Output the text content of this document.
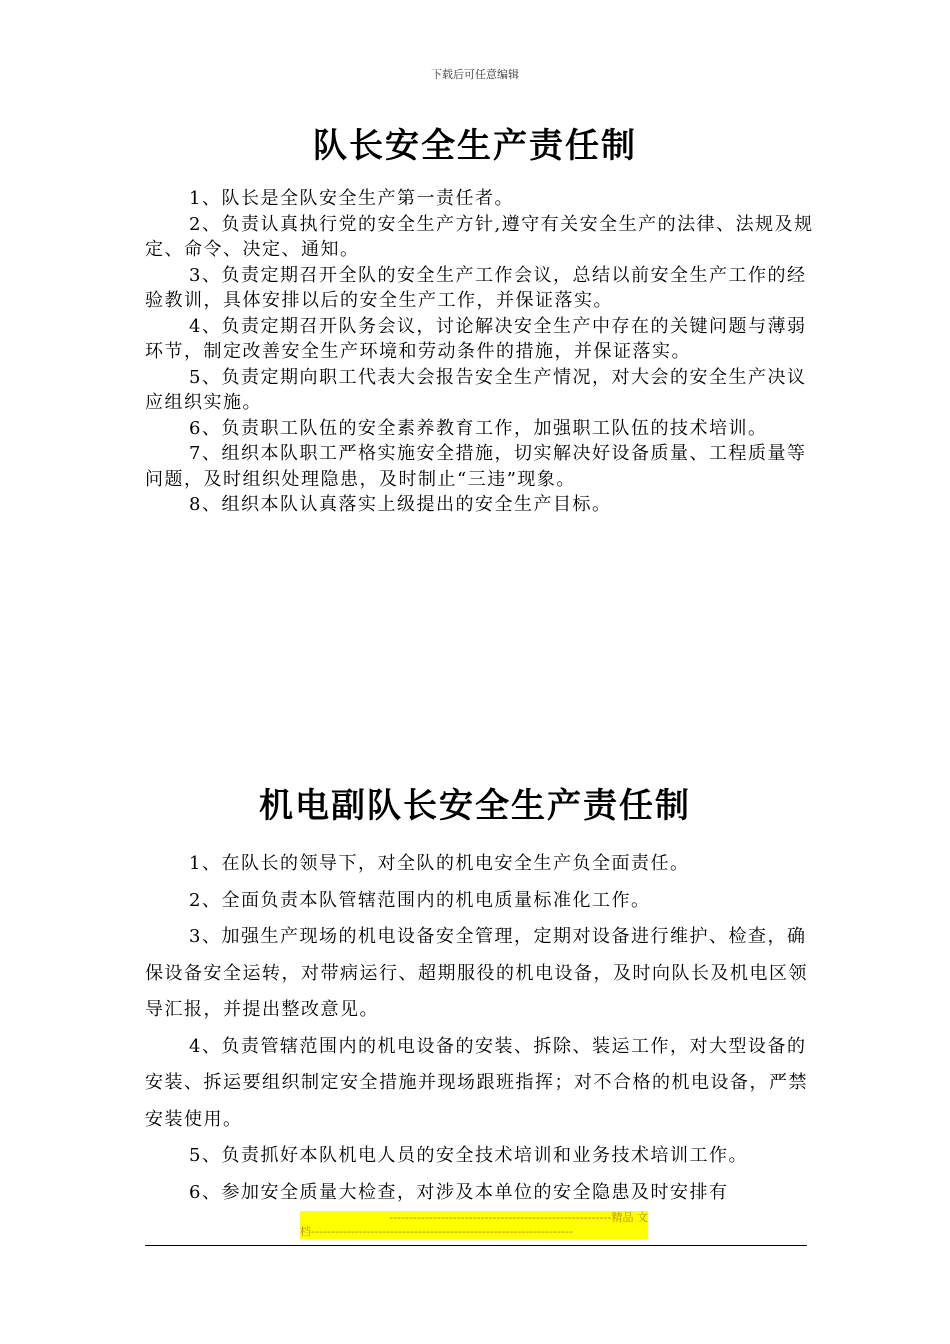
下载后可任意编辑
队长安全生产责任制

1、队长是全队安全生产第一责任者。

2、负责认真执行党的安全生产方针,遵守有关安全生产的法律、法规及规定、命令、决定、通知。

3、负责定期召开全队的安全生产工作会议，总结以前安全生产工作的经验教训，具体安排以后的安全生产工作，并保证落实。

4、负责定期召开队务会议，讨论解决安全生产中存在的关键问题与薄弱环节，制定改善安全生产环境和劳动条件的措施，并保证落实。

5、负责定期向职工代表大会报告安全生产情况，对大会的安全生产决议应组织实施。

6、负责职工队伍的安全素养教育工作，加强职工队伍的技术培训。

7、组织本队职工严格实施安全措施，切实解决好设备质量、工程质量等问题，及时组织处理隐患，及时制止“三违”现象。

8、组织本队认真落实上级提出的安全生产目标。

机电副队长安全生产责任制

1、在队长的领导下，对全队的机电安全生产负全面责任。

2、全面负责本队管辖范围内的机电质量标准化工作。

3、加强生产现场的机电设备安全管理，定期对设备进行维护、检查，确保设备安全运转，对带病运行、超期服役的机电设备，及时向队长及机电区领导汇报，并提出整改意见。

4、负责管辖范围内的机电设备的安装、拆除、装运工作，对大型设备的安装、拆运要组织制定安全措施并现场跟班指挥；对不合格的机电设备，严禁安装使用。

5、负责抓好本队机电人员的安全技术培训和业务技术培训工作。

6、参加安全质量大检查，对涉及本单位的安全隐患及时安排有

--------------------------------------------------------精品 文
档------------------------------------------------------------------
